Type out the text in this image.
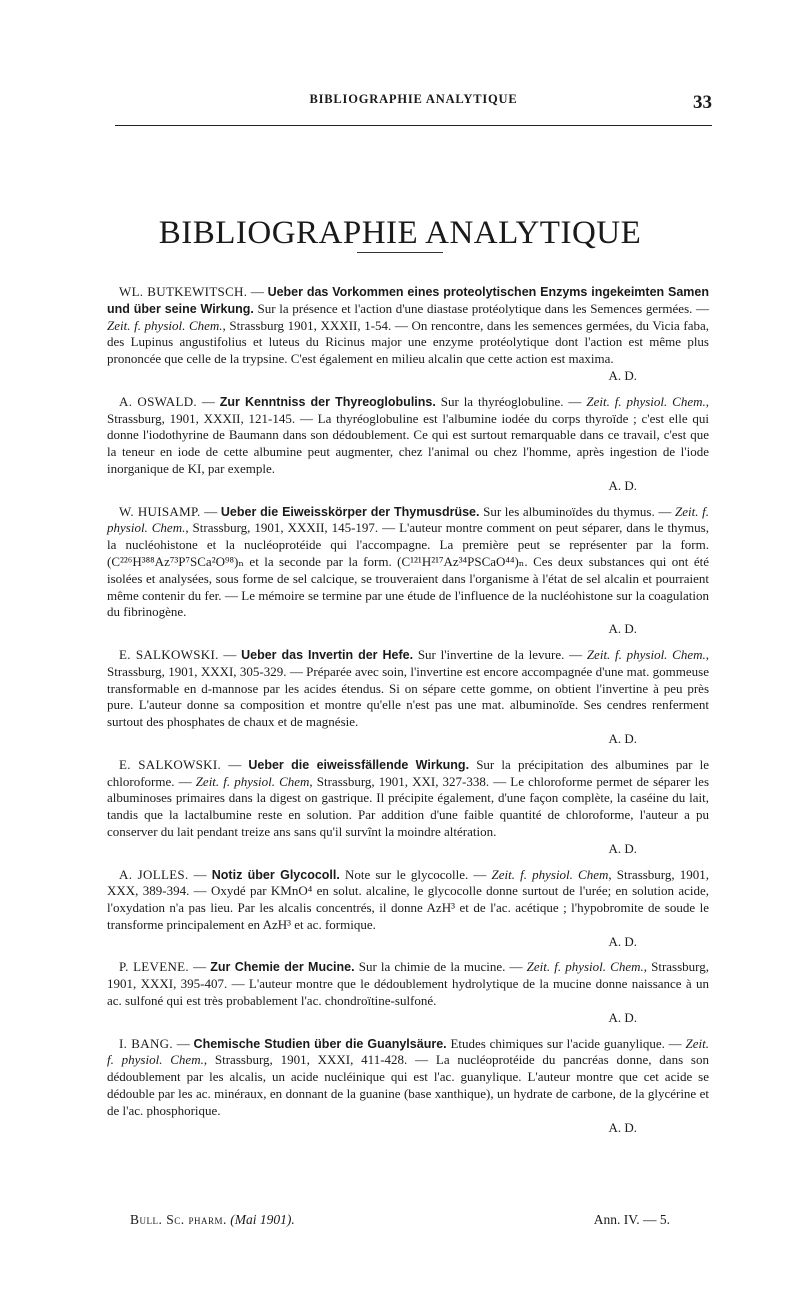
BIBLIOGRAPHIE ANALYTIQUE	33
BIBLIOGRAPHIE ANALYTIQUE

WL. BUTKEWITSCH. — Ueber das Vorkommen eines proteolytischen Enzyms ingekeimten Samen und über seine Wirkung. Sur la présence et l'action d'une diastase protéolytique dans les Semences germées. — Zeit. f. physiol. Chem., Strassburg 1901, XXXII, 1-54. — On rencontre, dans les semences germées, du Vicia faba, des Lupinus angustifolius et luteus du Ricinus major une enzyme protéolytique dont l'action est même plus prononcée que celle de la trypsine. C'est également en milieu alcalin que cette action est maxima.
A. D.

A. OSWALD. — Zur Kenntniss der Thyreoglobulins. Sur la thyréoglobuline. — Zeit. f. physiol. Chem., Strassburg, 1901, XXXII, 121-145. — La thyréoglobuline est l'albumine iodée du corps thyroïde ; c'est elle qui donne l'iodothyrine de Baumann dans son dédoublement. Ce qui est surtout remarquable dans ce travail, c'est que la teneur en iode de cette albumine peut augmenter, chez l'animal ou chez l'homme, après ingestion de l'iode inorganique de KI, par exemple.
A. D.

W. HUISAMP. — Ueber die Eiweisskörper der Thymusdrüse. Sur les albuminoïdes du thymus. — Zeit. f. physiol. Chem., Strassburg, 1901, XXXII, 145-197. — L'auteur montre comment on peut séparer, dans le thymus, la nucléohistone et la nucléoprotéide qui l'accompagne. La première peut se représenter par la form. (C²²⁶H³⁸⁸Az⁷³P⁷SCa²O⁹⁸)ₙ et la seconde par la form. (C¹²¹H²¹⁷Az³⁴PSCaO⁴⁴)ₙ. Ces deux substances qui ont été isolées et analysées, sous forme de sel calcique, se trouveraient dans l'organisme à l'état de sel alcalin et pourraient même contenir du fer. — Le mémoire se termine par une étude de l'influence de la nucléohistone sur la coagulation du fibrinogène.
A. D.

E. SALKOWSKI. — Ueber das Invertin der Hefe. Sur l'invertine de la levure. — Zeit. f. physiol. Chem., Strassburg, 1901, XXXI, 305-329. — Préparée avec soin, l'invertine est encore accompagnée d'une mat. gommeuse transformable en d-mannose par les acides étendus. Si on sépare cette gomme, on obtient l'invertine à peu près pure. L'auteur donne sa composition et montre qu'elle n'est pas une mat. albuminoïde. Ses cendres renferment surtout des phosphates de chaux et de magnésie.
A. D.

E. SALKOWSKI. — Ueber die eiweissfällende Wirkung. Sur la précipitation des albumines par le chloroforme. — Zeit. f. physiol. Chem, Strassburg, 1901, XXI, 327-338. — Le chloroforme permet de séparer les albuminoses primaires dans la digest on gastrique. Il précipite également, d'une façon complète, la caséine du lait, tandis que la lactalbumine reste en solution. Par addition d'une faible quantité de chloroforme, l'auteur a pu conserver du lait pendant treize ans sans qu'il survînt la moindre altération.
A. D.

A. JOLLES. — Notiz über Glycocoll. Note sur le glycocolle. — Zeit. f. physiol. Chem, Strassburg, 1901, XXX, 389-394. — Oxydé par KMnO⁴ en solut. alcaline, le glycocolle donne surtout de l'urée; en solution acide, l'oxydation n'a pas lieu. Par les alcalis concentrés, il donne AzH³ et de l'ac. acétique ; l'hypobromite de soude le transforme principalement en AzH³ et ac. formique.
A. D.

P. LEVENE. — Zur Chemie der Mucine. Sur la chimie de la mucine. — Zeit. f. physiol. Chem., Strassburg, 1901, XXXI, 395-407. — L'auteur montre que le dédoublement hydrolytique de la mucine donne naissance à un ac. sulfoné qui est très probablement l'ac. chondroïtine-sulfoné.
A. D.

I. BANG. — Chemische Studien über die Guanylsäure. Etudes chimiques sur l'acide guanylique. — Zeit. f. physiol. Chem., Strassburg, 1901, XXXI, 411-428. — La nucléoprotéide du pancréas donne, dans son dédoublement par les alcalis, un acide nucléinique qui est l'ac. guanylique. L'auteur montre que cet acide se dédouble par les ac. minéraux, en donnant de la guanine (base xanthique), un hydrate de carbone, de la glycérine et de l'ac. phosphorique.
A. D.

Bull. Sc. pharm. (Mai 1901).	Ann. IV. — 5.
